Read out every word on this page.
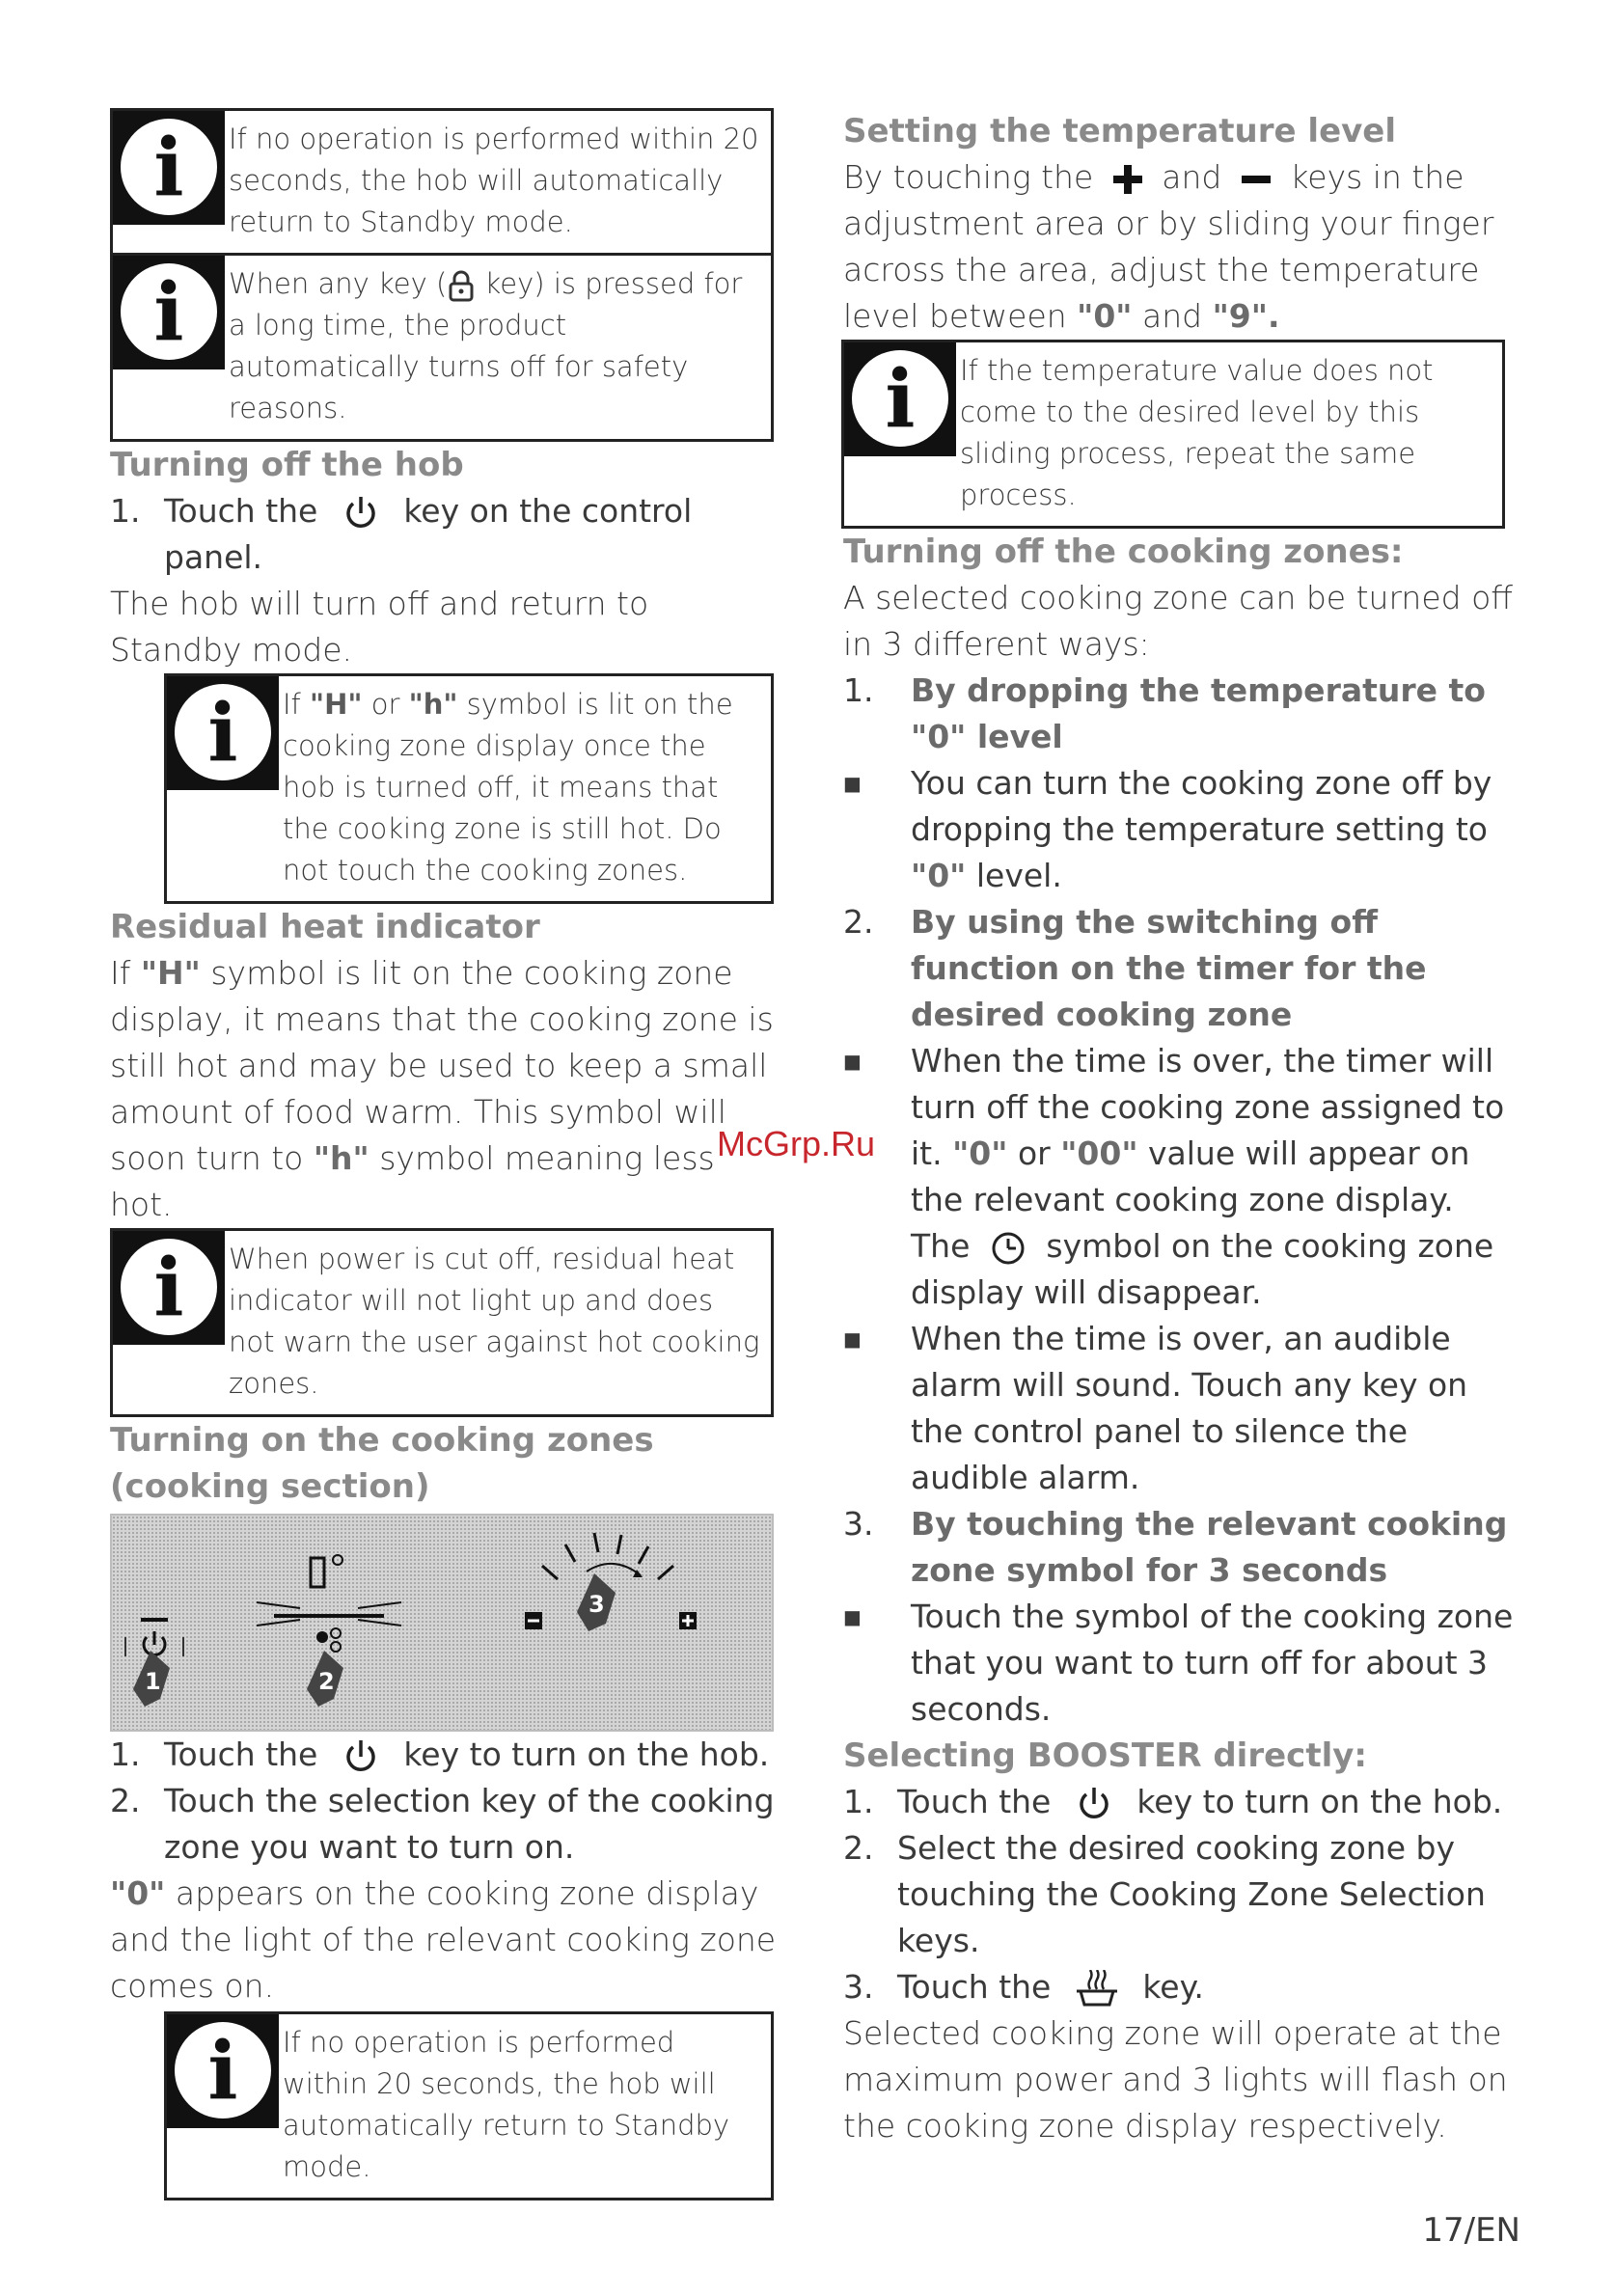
i	If no operation is performed within 20 seconds, the hob will automatically return to Standby mode.
i	When any key ( key) is pressed for a long time, the product automatically turns off for safety reasons.
Turning off the hob
1. Touch the	key on the control panel.
The hob will turn off and return to Standby mode.
i	If "H" or "h" symbol is lit on the cooking zone display once the hob is turned off, it means that the cooking zone is still hot. Do not touch the cooking zones.
Residual heat indicator
If "H" symbol is lit on the cooking zone display, it means that the cooking zone is still hot and may be used to keep a small amount of food warm. This symbol will soon turn to "h" symbol meaning less hot.
i	When power is cut off, residual heat indicator will not light up and does not warn the user against hot cooking zones.
Turning on the cooking zones (cooking section)
1	2
3
1. Touch the	key to turn on the hob.
2. Touch the selection key of the cooking zone you want to turn on.
"0" appears on the cooking zone display and the light of the relevant cooking zone comes on.
i	If no operation is performed within 20 seconds, the hob will automatically return to Standby mode.
Setting the temperature level
By touching the and keys in the adjustment area or by sliding your finger across the area, adjust the temperature level between "0" and "9".
i	If the temperature value does not come to the desired level by this sliding process, repeat the same process.
Turning off the cooking zones:
A selected cooking zone can be turned off in 3 different ways:
1.	By dropping the temperature to "0" level
■	You can turn the cooking zone off by dropping the temperature setting to "0" level.
2.	By using the switching off function on the timer for the desired cooking zone
■	When the time is over, the timer will turn off the cooking zone assigned to it. "0" or "00" value will appear on the relevant cooking zone display. The symbol on the cooking zone display will disappear.
■	When the time is over, an audible alarm will sound. Touch any key on the control panel to silence the audible alarm.
3.	By touching the relevant cooking zone symbol for 3 seconds
■	Touch the symbol of the cooking zone that you want to turn off for about 3 seconds.
Selecting BOOSTER directly:
1. Touch the	key to turn on the hob.
2. Select the desired cooking zone by touching the Cooking Zone Selection keys.
3. Touch the	key.
Selected cooking zone will operate at the maximum power and 3 lights will flash on the cooking zone display respectively.
McGrp.Ru
17/EN
